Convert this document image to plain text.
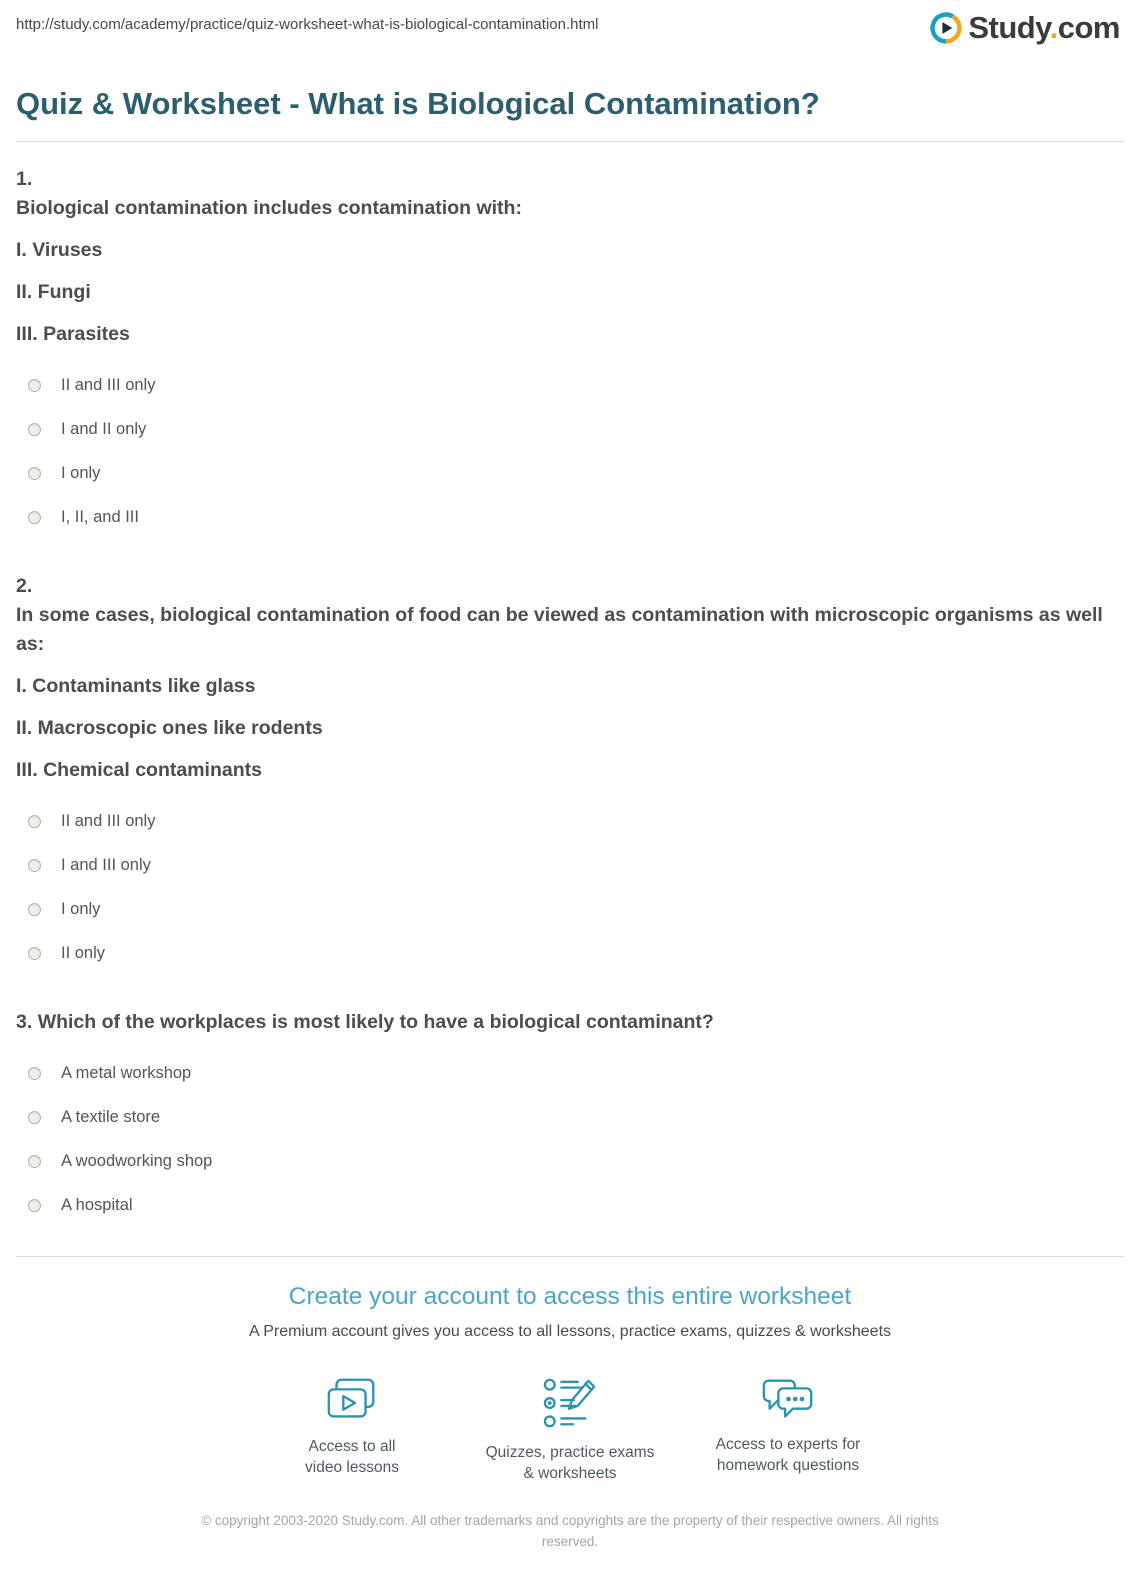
http://study.com/academy/practice/quiz-worksheet-what-is-biological-contamination.html	Study.com
Quiz & Worksheet - What is Biological Contamination?

1.

Biological contamination includes contamination with:

I. Viruses

II. Fungi

III. Parasites

II and III only
I and II only
I only
I, II, and III

2.

In some cases, biological contamination of food can be viewed as contamination with microscopic organisms as well as:

I. Contaminants like glass

II. Macroscopic ones like rodents

III. Chemical contaminants

II and III only
I and III only
I only
II only

3. Which of the workplaces is most likely to have a biological contaminant?

A metal workshop
A textile store
A woodworking shop
A hospital
Create your account to access this entire worksheet

A Premium account gives you access to all lessons, practice exams, quizzes & worksheets

Access to all
video lessons
Quizzes, practice exams
& worksheets
Access to experts for
homework questions
© copyright 2003-2020 Study.com. All other trademarks and copyrights are the property of their respective owners. All rights reserved.
